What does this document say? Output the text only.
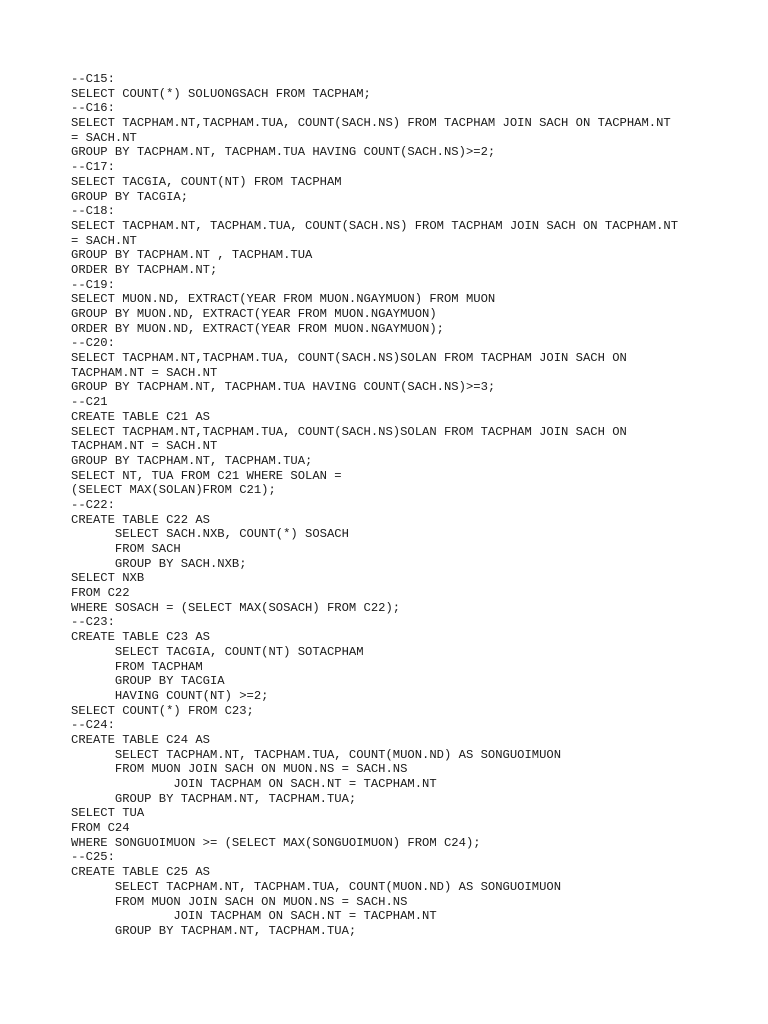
--C15:
SELECT COUNT(*) SOLUONGSACH FROM TACPHAM;
--C16:
SELECT TACPHAM.NT,TACPHAM.TUA, COUNT(SACH.NS) FROM TACPHAM JOIN SACH ON TACPHAM.NT
= SACH.NT
GROUP BY TACPHAM.NT, TACPHAM.TUA HAVING COUNT(SACH.NS)>=2;
--C17:
SELECT TACGIA, COUNT(NT) FROM TACPHAM
GROUP BY TACGIA;
--C18:
SELECT TACPHAM.NT, TACPHAM.TUA, COUNT(SACH.NS) FROM TACPHAM JOIN SACH ON TACPHAM.NT
= SACH.NT
GROUP BY TACPHAM.NT , TACPHAM.TUA
ORDER BY TACPHAM.NT;
--C19:
SELECT MUON.ND, EXTRACT(YEAR FROM MUON.NGAYMUON) FROM MUON
GROUP BY MUON.ND, EXTRACT(YEAR FROM MUON.NGAYMUON)
ORDER BY MUON.ND, EXTRACT(YEAR FROM MUON.NGAYMUON);
--C20:
SELECT TACPHAM.NT,TACPHAM.TUA, COUNT(SACH.NS)SOLAN FROM TACPHAM JOIN SACH ON
TACPHAM.NT = SACH.NT
GROUP BY TACPHAM.NT, TACPHAM.TUA HAVING COUNT(SACH.NS)>=3;
--C21
CREATE TABLE C21 AS
SELECT TACPHAM.NT,TACPHAM.TUA, COUNT(SACH.NS)SOLAN FROM TACPHAM JOIN SACH ON
TACPHAM.NT = SACH.NT
GROUP BY TACPHAM.NT, TACPHAM.TUA;
SELECT NT, TUA FROM C21 WHERE SOLAN =
(SELECT MAX(SOLAN)FROM C21);
--C22:
CREATE TABLE C22 AS
SELECT SACH.NXB, COUNT(*) SOSACH
FROM SACH
GROUP BY SACH.NXB;
SELECT NXB
FROM C22
WHERE SOSACH = (SELECT MAX(SOSACH) FROM C22);
--C23:
CREATE TABLE C23 AS
SELECT TACGIA, COUNT(NT) SOTACPHAM
FROM TACPHAM
GROUP BY TACGIA
HAVING COUNT(NT) >=2;
SELECT COUNT(*) FROM C23;
--C24:
CREATE TABLE C24 AS
SELECT TACPHAM.NT, TACPHAM.TUA, COUNT(MUON.ND) AS SONGUOIMUON
FROM MUON JOIN SACH ON MUON.NS = SACH.NS
JOIN TACPHAM ON SACH.NT = TACPHAM.NT
GROUP BY TACPHAM.NT, TACPHAM.TUA;
SELECT TUA
FROM C24
WHERE SONGUOIMUON >= (SELECT MAX(SONGUOIMUON) FROM C24);
--C25:
CREATE TABLE C25 AS
SELECT TACPHAM.NT, TACPHAM.TUA, COUNT(MUON.ND) AS SONGUOIMUON
FROM MUON JOIN SACH ON MUON.NS = SACH.NS
JOIN TACPHAM ON SACH.NT = TACPHAM.NT
GROUP BY TACPHAM.NT, TACPHAM.TUA;
